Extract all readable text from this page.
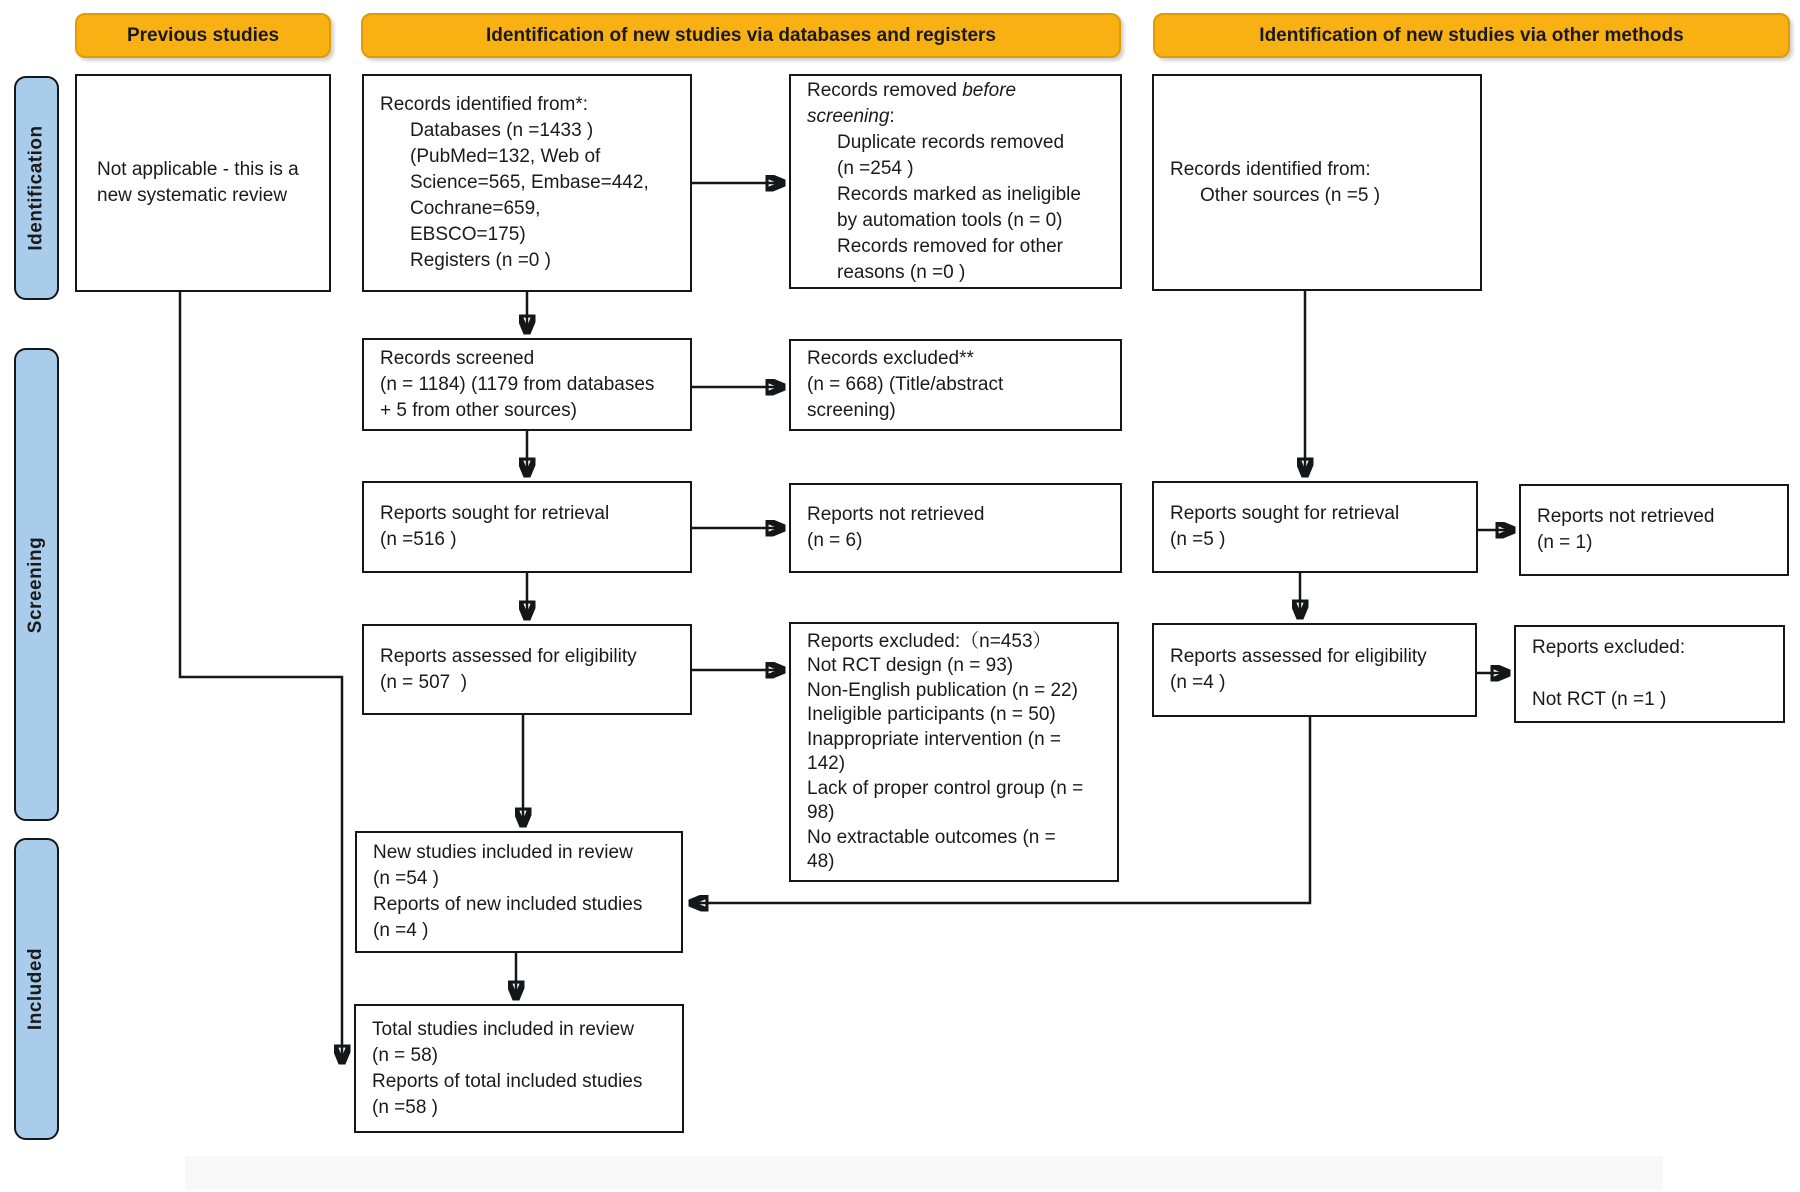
Previous studies	Identification of new studies via databases and registers	Identification of new studies via other methods
Identification
Screening
Included
Not applicable - this is a
new systematic review
Records identified from*:
Databases (n =1433 )
(PubMed=132, Web of
Science=565, Embase=442,
Cochrane=659,
EBSCO=175)
Registers (n =0 )
Records removed before
screening:
Duplicate records removed
(n =254 )
Records marked as ineligible
by automation tools (n = 0)
Records removed for other
reasons (n =0 )
Records identified from:
Other sources (n =5 )
Records screened
(n = 1184) (1179 from databases
+ 5 from other sources)
Records excluded**
(n = 668) (Title/abstract
screening)
Reports sought for retrieval
(n =516 )
Reports not retrieved
(n = 6)
Reports sought for retrieval
(n =5 )
Reports not retrieved
(n = 1)
Reports assessed for eligibility
(n = 507  )
Reports excluded:（n=453）
Not RCT design (n = 93)
Non-English publication (n = 22)
Ineligible participants (n = 50)
Inappropriate intervention (n =
142)
Lack of proper control group (n =
98)
No extractable outcomes (n =
48)
Reports assessed for eligibility
(n =4 )
Reports excluded:
Not RCT (n =1 )
New studies included in review
(n =54 )
Reports of new included studies
(n =4 )
Total studies included in review
(n = 58)
Reports of total included studies
(n =58 )
